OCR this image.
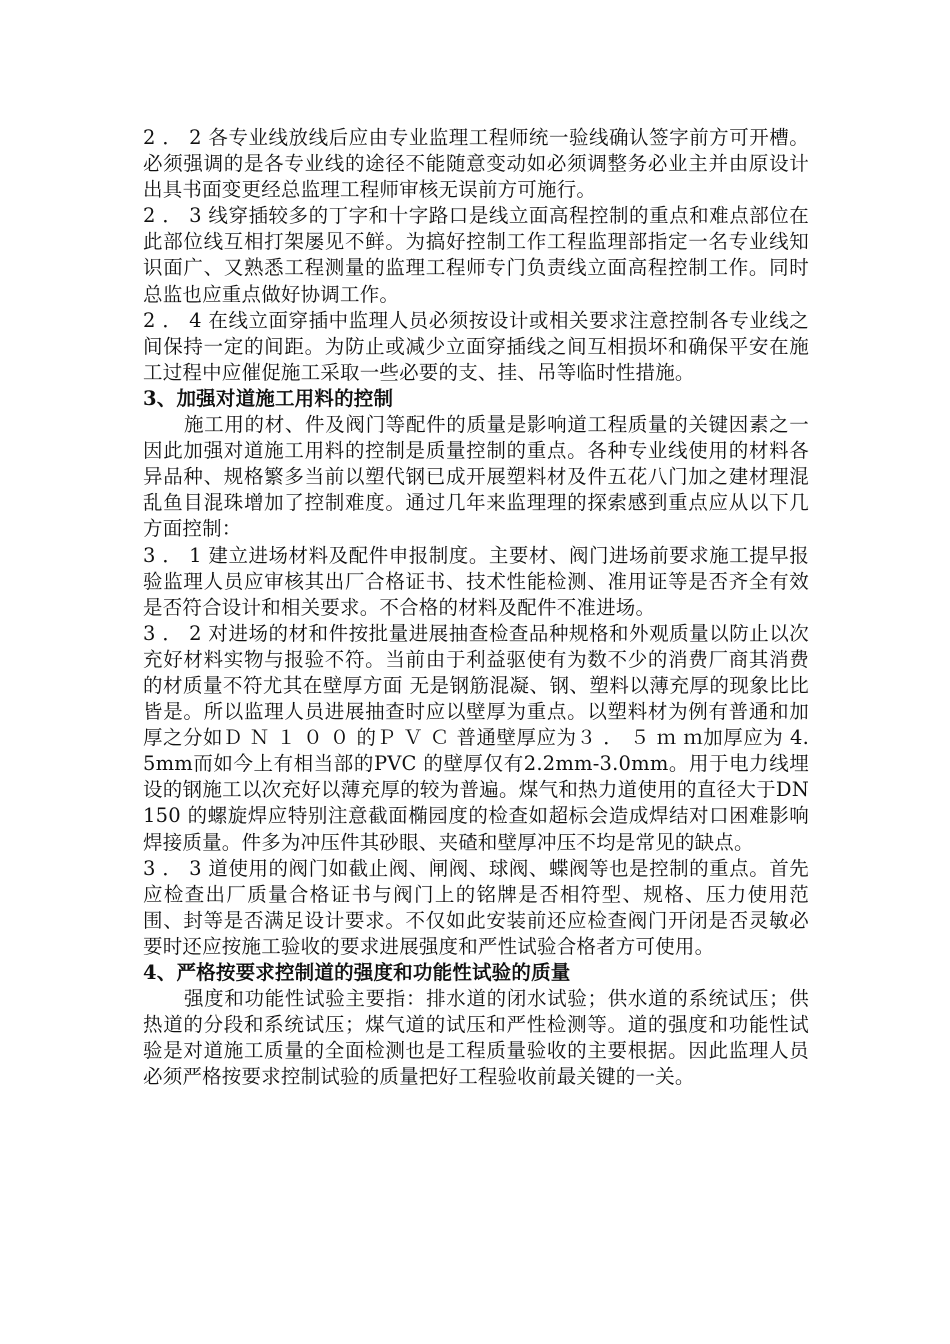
2 ． 2 各专业线放线后应由专业监理工程师统一验线确认签字前方可开槽。必须强调的是各专业线的途径不能随意变动如必须调整务必业主并由原设计出具书面变更经总监理工程师审核无误前方可施行。

2 ． 3 线穿插较多的丁字和十字路口是线立面高程控制的重点和难点部位在此部位线互相打架屡见不鲜。为搞好控制工作工程监理部指定一名专业线知识面广、又熟悉工程测量的监理工程师专门负责线立面高程控制工作。同时总监也应重点做好协调工作。

2 ． 4 在线立面穿插中监理人员必须按设计或相关要求注意控制各专业线之间保持一定的间距。为防止或减少立面穿插线之间互相损坏和确保平安在施工过程中应催促施工采取一些必要的支、挂、吊等临时性措施。

3、加强对道施工用料的控制

施工用的材、件及阀门等配件的质量是影响道工程质量的关键因素之一因此加强对道施工用料的控制是质量控制的重点。各种专业线使用的材料各异品种、规格繁多当前以塑代钢已成开展塑料材及件五花八门加之建材理混乱鱼目混珠增加了控制难度。通过几年来监理理的探索感到重点应从以下几方面控制：

3 ． 1 建立进场材料及配件申报制度。主要材、阀门进场前要求施工提早报验监理人员应审核其出厂合格证书、技术性能检测、准用证等是否齐全有效是否符合设计和相关要求。不合格的材料及配件不准进场。

3 ． 2 对进场的材和件按批量进展抽查检查品种规格和外观质量以防止以次充好材料实物与报验不符。当前由于利益驱使有为数不少的消费厂商其消费的材质量不符尤其在壁厚方面 无是钢筋混凝、钢、塑料以薄充厚的现象比比皆是。所以监理人员进展抽查时应以壁厚为重点。以塑料材为例有普通和加厚之分如Ｄ Ｎ １ ０ ０ 的Ｐ Ｖ Ｃ 普通壁厚应为３ ． ５ ｍ ｍ加厚应为 4.5mm而如今上有相当部的PVC 的壁厚仅有2.2mm-3.0mm。用于电力线埋设的钢施工以次充好以薄充厚的较为普遍。煤气和热力道使用的直径大于DN150 的螺旋焊应特别注意截面椭园度的检查如超标会造成焊结对口困难影响焊接质量。件多为冲压件其砂眼、夹碴和壁厚冲压不均是常见的缺点。

3 ． 3 道使用的阀门如截止阀、闸阀、球阀、蝶阀等也是控制的重点。首先应检查出厂质量合格证书与阀门上的铭牌是否相符型、规格、压力使用范围、封等是否满足设计要求。不仅如此安装前还应检查阀门开闭是否灵敏必要时还应按施工验收的要求进展强度和严性试验合格者方可使用。

4、严格按要求控制道的强度和功能性试验的质量

强度和功能性试验主要指：排水道的闭水试验；供水道的系统试压；供热道的分段和系统试压；煤气道的试压和严性检测等。道的强度和功能性试验是对道施工质量的全面检测也是工程质量验收的主要根据。因此监理人员必须严格按要求控制试验的质量把好工程验收前最关键的一关。
